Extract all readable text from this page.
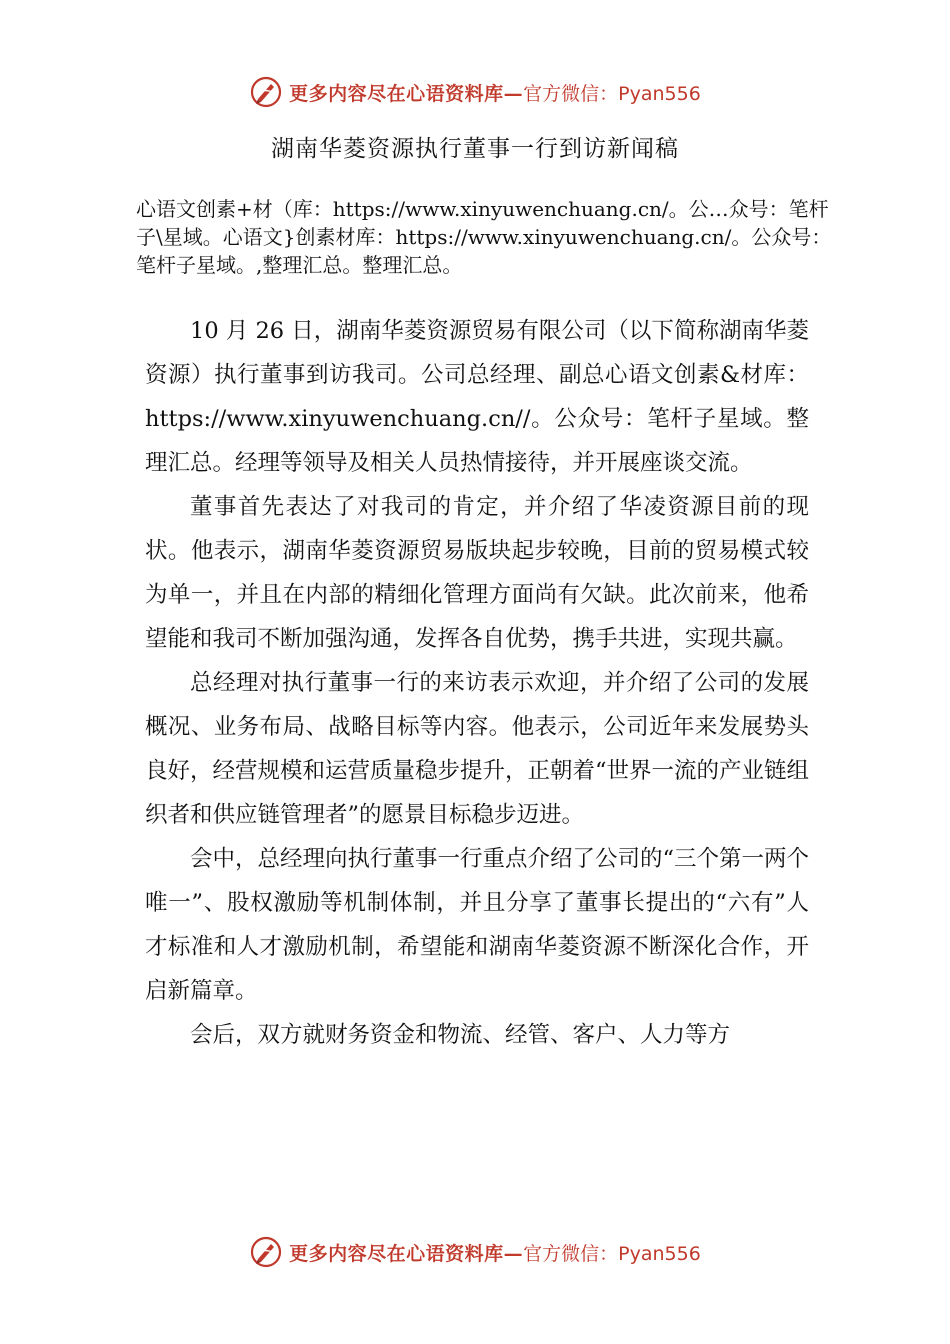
更多内容尽在心语资料库— 官方微信：Pyan556
湖南华菱资源执行董事一行到访新闻稿
心语文创素+材（库：https://www.xinyuwenchuang.cn/。公…众号：笔杆子\星域。心语文}创素材库：https://www.xinyuwenchuang.cn/。公众号：笔杆子星域。,整理汇总。整理汇总。

10 月 26 日，湖南华菱资源贸易有限公司（以下简称湖南华菱资源）执行董事到访我司。公司总经理、副总心语文创素&材库：https://www.xinyuwenchuang.cn//。公众号：笔杆子星域。整理汇总。经理等领导及相关人员热情接待，并开展座谈交流。

董事首先表达了对我司的肯定，并介绍了华凌资源目前的现状。他表示，湖南华菱资源贸易版块起步较晚，目前的贸易模式较为单一，并且在内部的精细化管理方面尚有欠缺。此次前来，他希望能和我司不断加强沟通，发挥各自优势，携手共进，实现共赢。

总经理对执行董事一行的来访表示欢迎，并介绍了公司的发展概况、业务布局、战略目标等内容。他表示，公司近年来发展势头良好，经营规模和运营质量稳步提升，正朝着“世界一流的产业链组织者和供应链管理者”的愿景目标稳步迈进。

会中，总经理向执行董事一行重点介绍了公司的“三个第一两个唯一”、股权激励等机制体制，并且分享了董事长提出的“六有”人才标准和人才激励机制，希望能和湖南华菱资源不断深化合作，开启新篇章。

会后，双方就财务资金和物流、经管、客户、人力等方

更多内容尽在心语资料库— 官方微信：Pyan556
